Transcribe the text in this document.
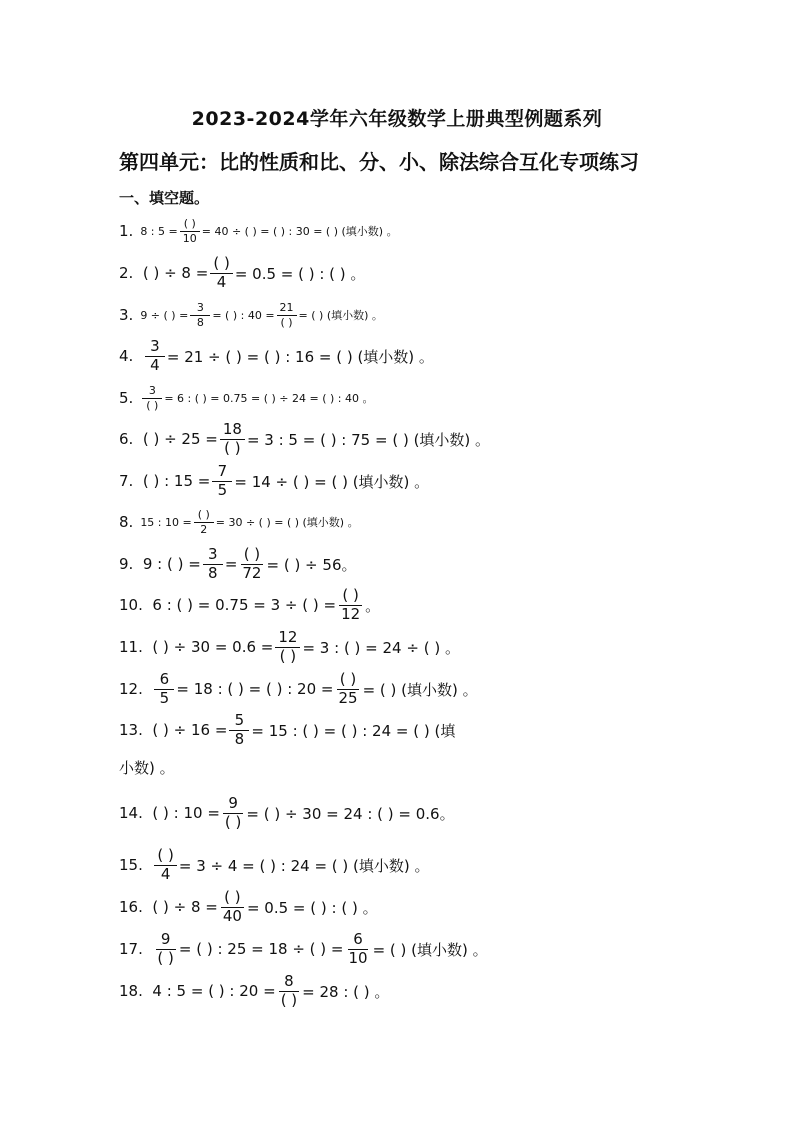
2023-2024学年六年级数学上册典型例题系列
第四单元：比的性质和比、分、小、除法综合互化专项练习
一、填空题。
1.
8 : $5 = \frac{( )}{10} = 40$ ÷ ( ) = ( ) : 30 = ( ) (填小数) 。
2.
( ) ÷ $8 = \frac{( )}{4} = 0.5$ = ( ) : ( ) 。
3.
9 ÷ ( ) = $\frac{3}{8}$ = ( ) : $40 = \frac{21}{( )}$ = ( ) (填小数) 。
4.
$\frac{3}{4} = 21$ ÷ ( ) = ( ) : 16 = ( ) (填小数) 。
5.
$\frac{3}{( )} = 6$ : ( ) = 0.75 = ( ) ÷ 24 = ( ) : 40 。
6.
( ) ÷ $25 = \frac{18}{( )} = 3$ : 5 = ( ) : 75 = ( ) (填小数) 。
7.
( ) : $15 = \frac{7}{5} = 14$ ÷ ( ) = ( ) (填小数) 。
8.
15 : $10 = \frac{( )}{2} = 30$ ÷ ( ) = ( ) (填小数) 。
9.
9 : ( ) = $\frac{3}{8} = \frac{( )}{72}$ = ( ) ÷ 56。
10.
6 : ( ) = 0.75 = 3 ÷ ( ) = $\frac{( )}{12}$ 。
11.
( ) ÷ $30 = 0.6 = \frac{12}{( )} = 3$ : ( ) = 24 ÷ ( ) 。
12.
$\frac{6}{5} = 18$ : ( ) = ( ) : $20 = \frac{( )}{25}$ = ( ) (填小数) 。
13.
( ) ÷ $16 = \frac{5}{8} = 15$ : ( ) = ( ) : 24 = ( ) (填
小数) 。
14.
( ) : $10 = \frac{9}{( )}$ = ( ) ÷ 30 = 24 : ( ) = 0.6。
15.
$\frac{( )}{4} = 3 \div 4$ = ( ) : 24 = ( ) (填小数) 。
16.
( ) ÷ $8 = \frac{( )}{40} = 0.5$ = ( ) : ( ) 。
17.
$\frac{9}{( )}$ = ( ) : 25 = 18 ÷ ( ) = $\frac{6}{10}$ = ( ) (填小数) 。
18.
4 : 5 = ( ) : $20 = \frac{8}{( )} = 28$ : ( ) 。
